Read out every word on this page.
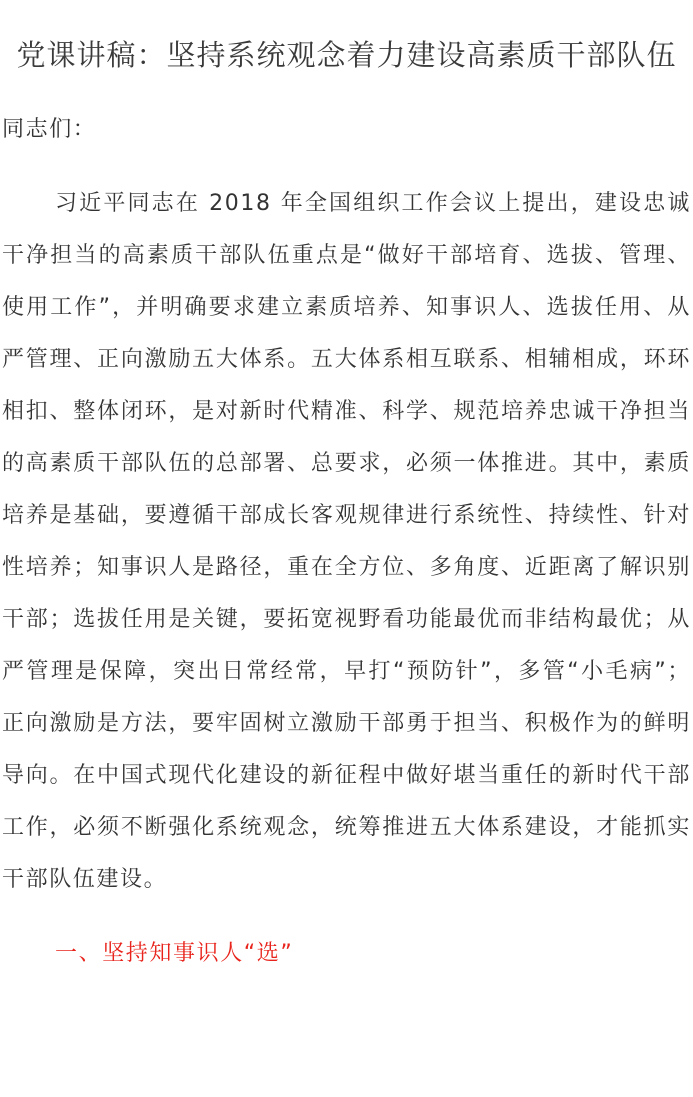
党课讲稿：坚持系统观念着力建设高素质干部队伍

同志们：

习近平同志在 2018 年全国组织工作会议上提出，建设忠诚干净担当的高素质干部队伍重点是“做好干部培育、选拔、管理、使用工作”，并明确要求建立素质培养、知事识人、选拔任用、从严管理、正向激励五大体系。五大体系相互联系、相辅相成，环环相扣、整体闭环，是对新时代精准、科学、规范培养忠诚干净担当的高素质干部队伍的总部署、总要求，必须一体推进。其中，素质培养是基础，要遵循干部成长客观规律进行系统性、持续性、针对性培养；知事识人是路径，重在全方位、多角度、近距离了解识别干部；选拔任用是关键，要拓宽视野看功能最优而非结构最优；从严管理是保障，突出日常经常，早打“预防针”，多管“小毛病”；正向激励是方法，要牢固树立激励干部勇于担当、积极作为的鲜明导向。在中国式现代化建设的新征程中做好堪当重任的新时代干部工作，必须不断强化系统观念，统筹推进五大体系建设，才能抓实干部队伍建设。

一、坚持知事识人“选”
